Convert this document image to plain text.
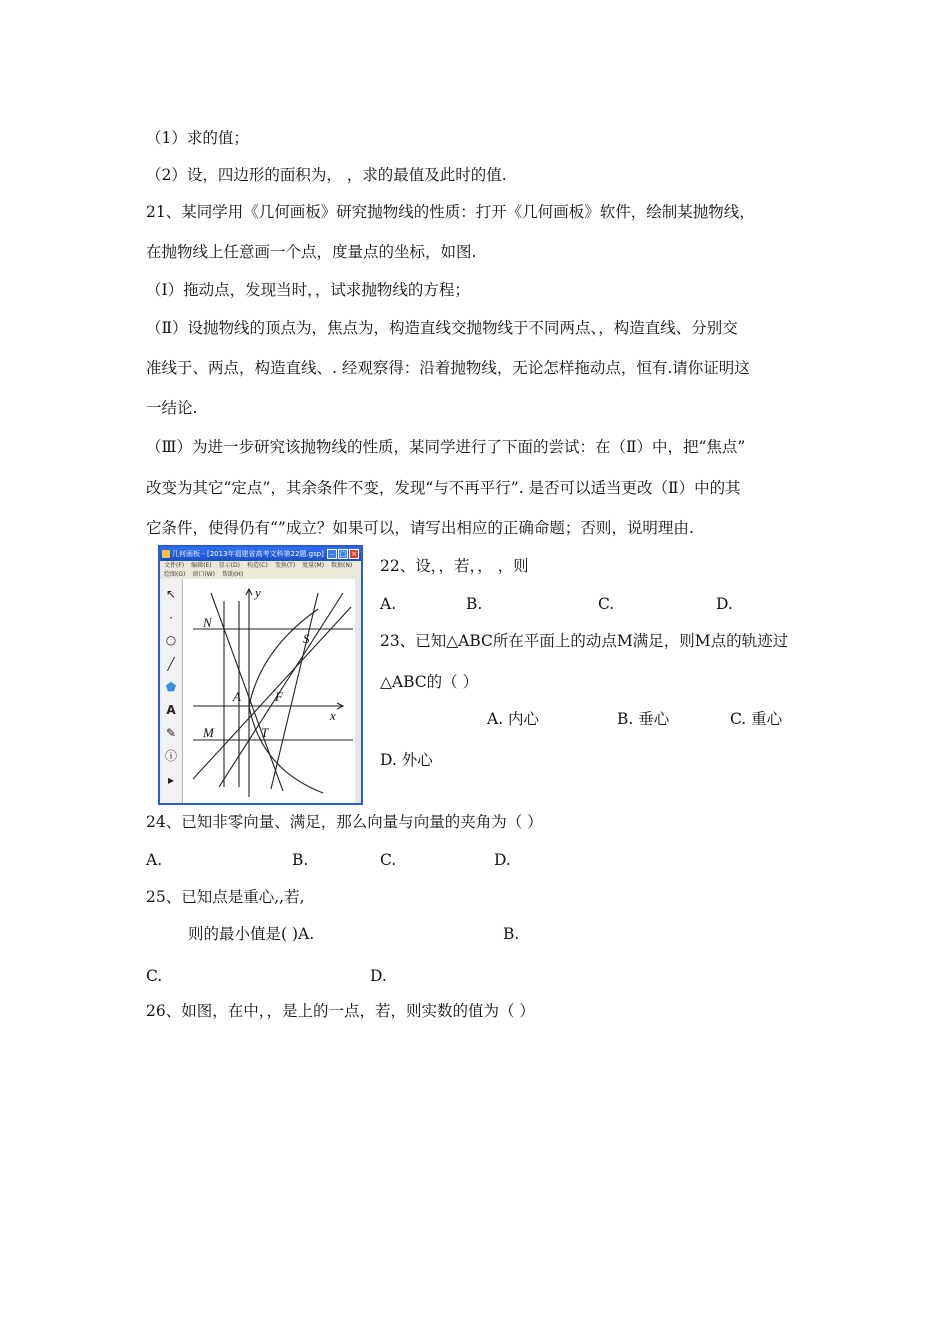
（1）求的值；
（2）设，四边形的面积为， ，求的最值及此时的值.
21、某同学用《几何画板》研究抛物线的性质：打开《几何画板》软件，绘制某抛物线，
在抛物线上任意画一个点，度量点的坐标，如图.
（Ⅰ）拖动点，发现当时，，试求抛物线的方程；
（Ⅱ）设抛物线的顶点为，焦点为，构造直线交抛物线于不同两点、，构造直线、分别交
准线于、两点，构造直线、. 经观察得：沿着抛物线，无论怎样拖动点，恒有.请你证明这
一结论.
（Ⅲ）为进一步研究该抛物线的性质，某同学进行了下面的尝试：在（Ⅱ）中，把“焦点”
改变为其它“定点”，其余条件不变，发现“与不再平行”. 是否可以适当更改（Ⅱ）中的其
它条件，使得仍有“”成立？如果可以，请写出相应的正确命题；否则，说明理由.
几何画板 - [2013年福建省高考文科第22题.gsp] – □ ×
文件(F) 编辑(E) 显示(D) 构造(C) 变换(T) 度量(M) 数据(N)
绘图(G) 窗口(W) 帮助(H)
↖
·
○
╱
⬟
A
✎
ⓘ
▸
y
x
N
S
A	F
M	T
22、设，，若，， ，则
A.	B.	C.	D.
23、已知△ABC所在平面上的动点M满足，则M点的轨迹过
△ABC的（ ）
A. 内心	B. 垂心	C. 重心
D. 外心
24、已知非零向量、满足，那么向量与向量的夹角为（ ）
A.	B.	C.	D.
25、已知点是重心,,若,
则的最小值是( )A.	B.
C.	D.
26、如图，在中，，是上的一点，若，则实数的值为（ ）
